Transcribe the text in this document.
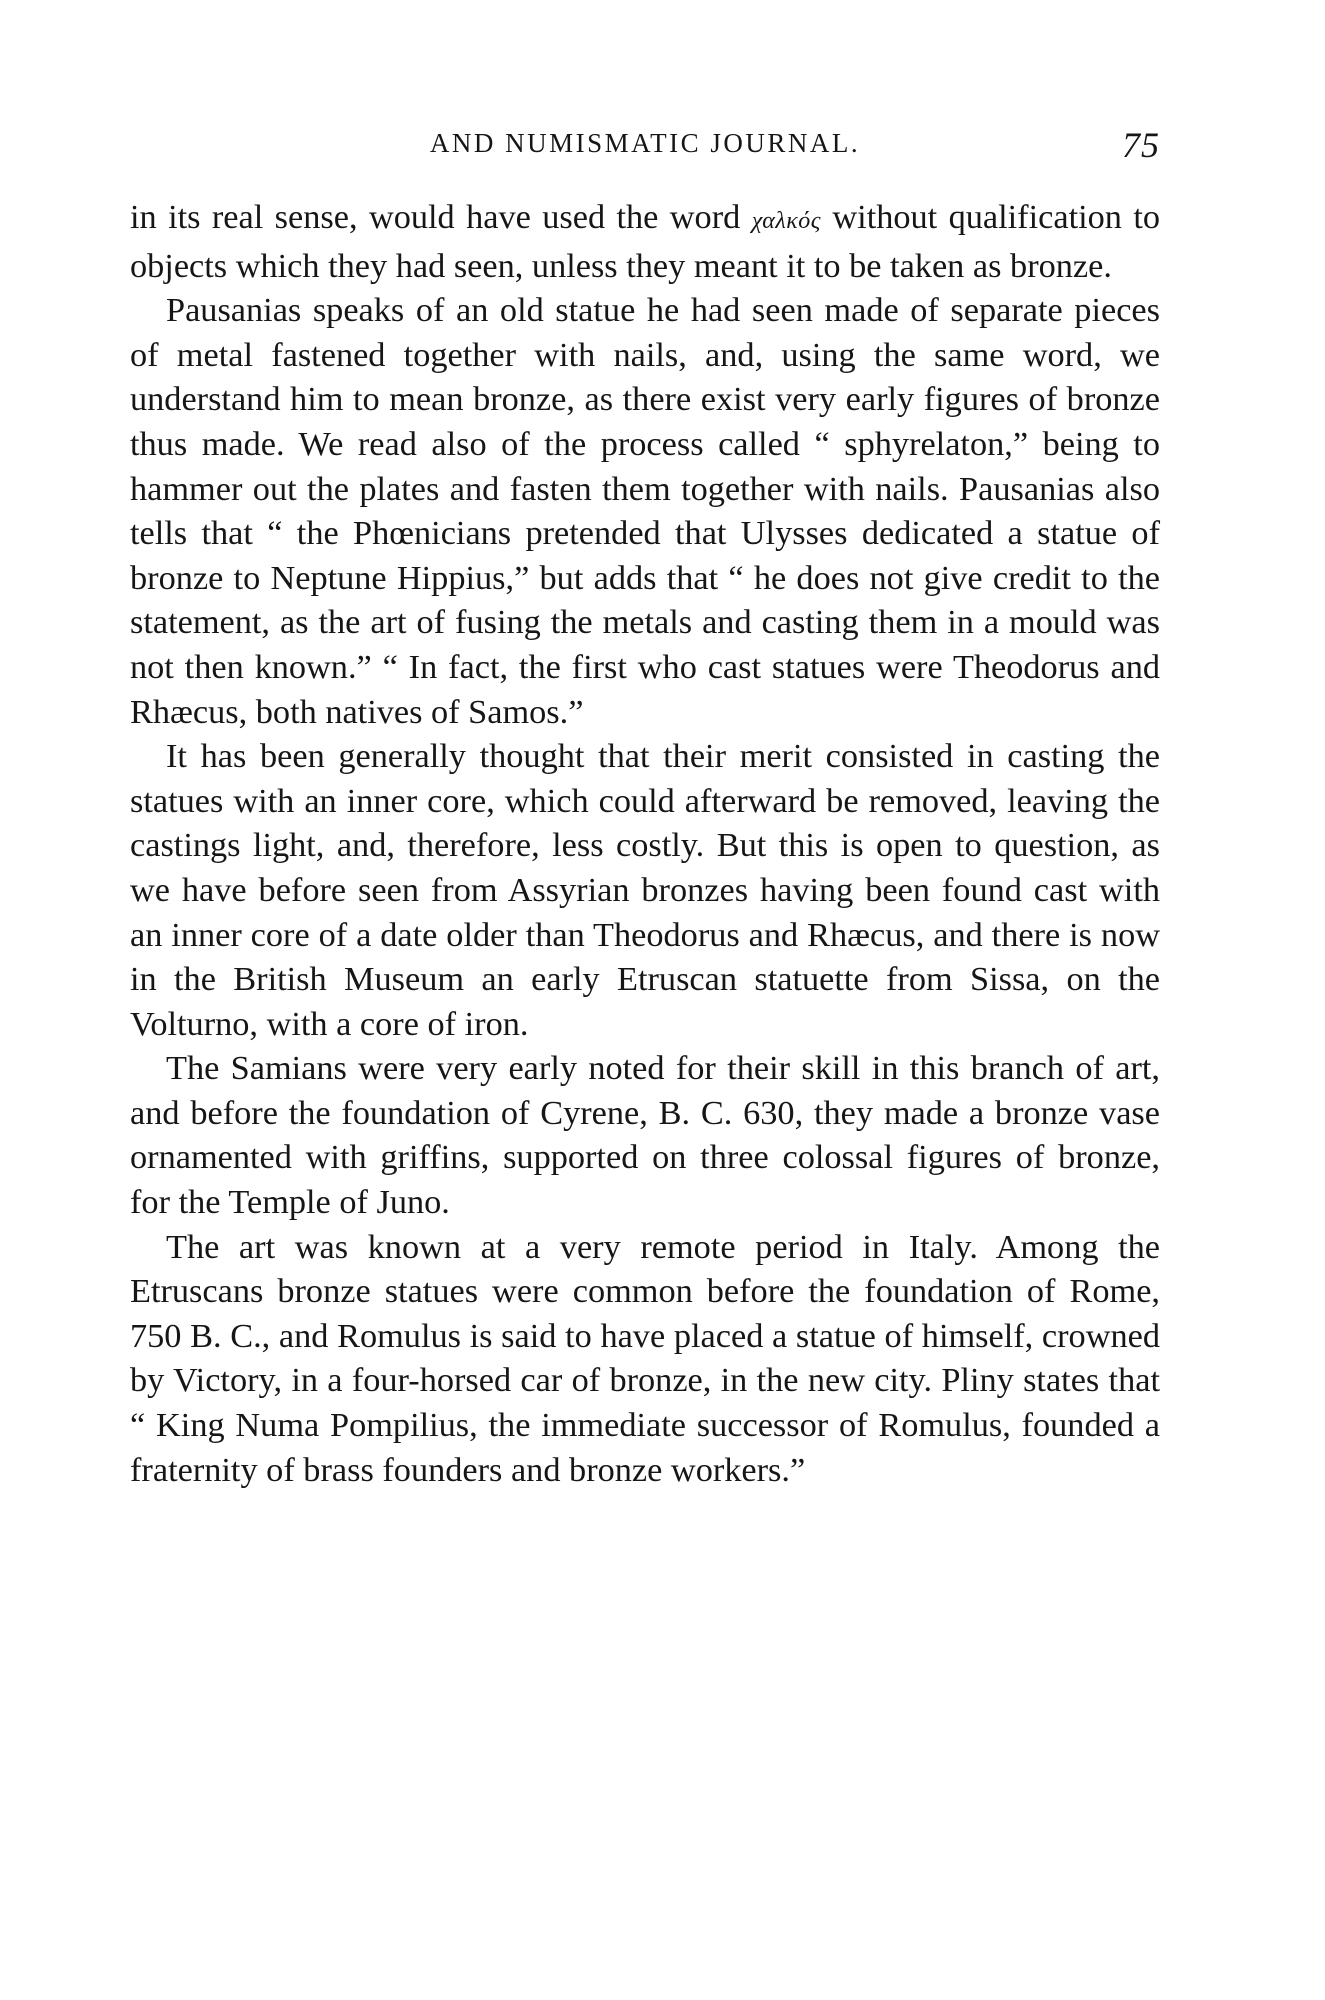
AND NUMISMATIC JOURNAL.	75

in its real sense, would have used the word χαλκός without qualification to objects which they had seen, unless they meant it to be taken as bronze.

Pausanias speaks of an old statue he had seen made of separate pieces of metal fastened together with nails, and, using the same word, we understand him to mean bronze, as there exist very early figures of bronze thus made. We read also of the process called “ sphyrelaton,” being to hammer out the plates and fasten them together with nails. Pausanias also tells that “ the Phœnicians pretended that Ulysses dedicated a statue of bronze to Neptune Hippius,” but adds that “ he does not give credit to the statement, as the art of fusing the metals and casting them in a mould was not then known.” “ In fact, the first who cast statues were Theodorus and Rhæcus, both natives of Samos.”

It has been generally thought that their merit consisted in casting the statues with an inner core, which could afterward be removed, leaving the castings light, and, therefore, less costly. But this is open to question, as we have before seen from Assyrian bronzes having been found cast with an inner core of a date older than Theodorus and Rhæcus, and there is now in the British Museum an early Etruscan statuette from Sissa, on the Volturno, with a core of iron.

The Samians were very early noted for their skill in this branch of art, and before the foundation of Cyrene, B. C. 630, they made a bronze vase ornamented with griffins, supported on three colossal figures of bronze, for the Temple of Juno.

The art was known at a very remote period in Italy. Among the Etruscans bronze statues were common before the foundation of Rome, 750 B. C., and Romulus is said to have placed a statue of himself, crowned by Victory, in a four-horsed car of bronze, in the new city. Pliny states that “ King Numa Pompilius, the immediate successor of Romulus, founded a fraternity of brass founders and bronze workers.”
